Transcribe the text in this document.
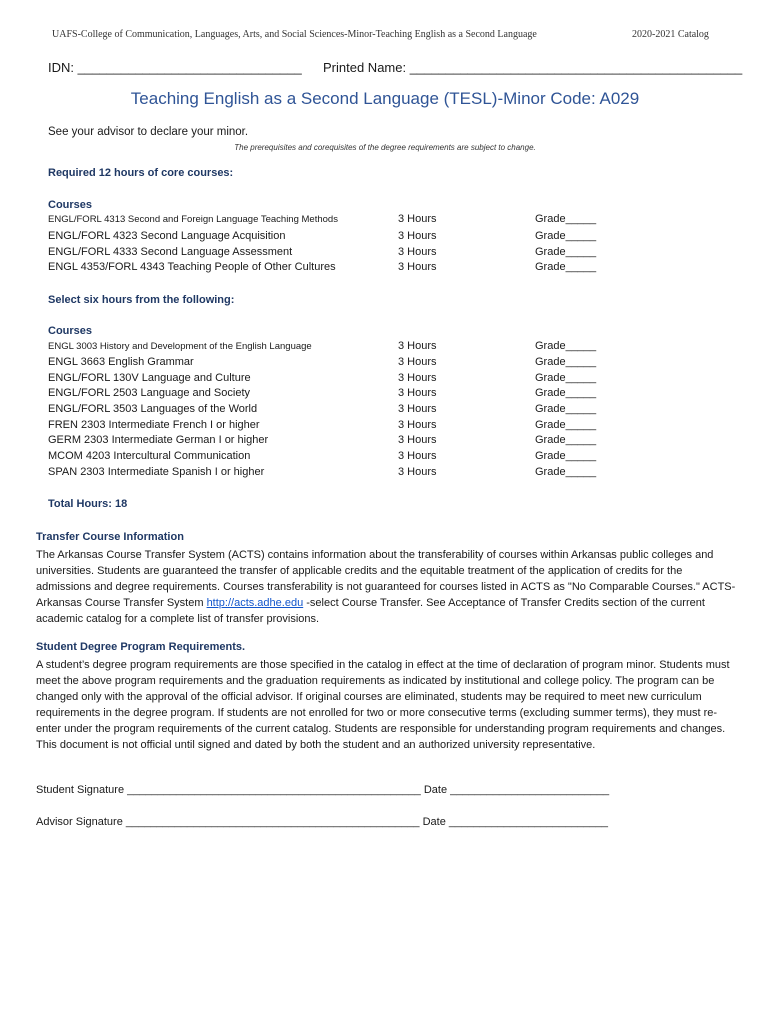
UAFS-College of Communication, Languages, Arts, and Social Sciences-Minor-Teaching English as a Second Language	2020-2021 Catalog
IDN: _______________________________ Printed Name: ______________________________________________
Teaching English as a Second Language (TESL)-Minor Code: A029
See your advisor to declare your minor.
The prerequisites and corequisites of the degree requirements are subject to change.
Required 12 hours of core courses:
Courses
ENGL/FORL 4313 Second and Foreign Language Teaching Methods	3 Hours	Grade_____
ENGL/FORL 4323 Second Language Acquisition	3 Hours	Grade_____
ENGL/FORL 4333 Second Language Assessment	3 Hours	Grade_____
ENGL 4353/FORL 4343 Teaching People of Other Cultures	3 Hours	Grade_____
Select six hours from the following:
Courses
ENGL 3003 History and Development of the English Language	3 Hours	Grade_____
ENGL 3663 English Grammar	3 Hours	Grade_____
ENGL/FORL 130V Language and Culture	3 Hours	Grade_____
ENGL/FORL 2503 Language and Society	3 Hours	Grade_____
ENGL/FORL 3503 Languages of the World	3 Hours	Grade_____
FREN 2303 Intermediate French I or higher	3 Hours	Grade_____
GERM 2303 Intermediate German I or higher	3 Hours	Grade_____
MCOM 4203 Intercultural Communication	3 Hours	Grade_____
SPAN 2303 Intermediate Spanish I or higher	3 Hours	Grade_____
Total Hours: 18
Transfer Course Information
The Arkansas Course Transfer System (ACTS) contains information about the transferability of courses within Arkansas public colleges and universities. Students are guaranteed the transfer of applicable credits and the equitable treatment of the application of credits for the admissions and degree requirements. Courses transferability is not guaranteed for courses listed in ACTS as "No Comparable Courses." ACTS-Arkansas Course Transfer System http://acts.adhe.edu -select Course Transfer. See Acceptance of Transfer Credits section of the current academic catalog for a complete list of transfer provisions.
Student Degree Program Requirements.
A student’s degree program requirements are those specified in the catalog in effect at the time of declaration of program minor. Students must meet the above program requirements and the graduation requirements as indicated by institutional and college policy. The program can be changed only with the approval of the official advisor. If original courses are eliminated, students may be required to meet new curriculum requirements in the degree program. If students are not enrolled for two or more consecutive terms (excluding summer terms), they must re-enter under the program requirements of the current catalog. Students are responsible for understanding program requirements and changes. This document is not official until signed and dated by both the student and an authorized university representative.
Student Signature ________________________________________________ Date __________________________
Advisor Signature ________________________________________________ Date __________________________
